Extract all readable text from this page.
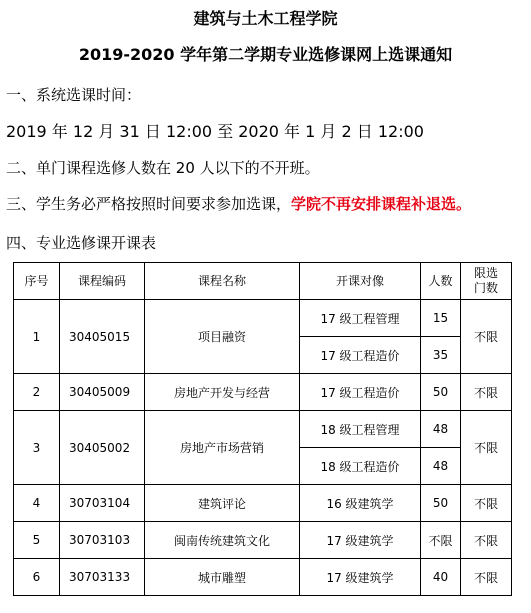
建筑与土木工程学院
2019-2020 学年第二学期专业选修课网上选课通知
一、系统选课时间：
2019 年 12 月 31 日 12:00 至 2020 年 1 月 2 日 12:00
二、单门课程选修人数在 20 人以下的不开班。
三、学生务必严格按照时间要求参加选课，学院不再安排课程补退选。
四、专业选修课开课表
序号	课程编码	课程名称	开课对像	人数	限选
门数
1	30405015	项目融资	17 级工程管理	15	不限
			17 级工程造价	35	
2	30405009	房地产开发与经营	17 级工程造价	50	不限
3	30405002	房地产市场营销	18 级工程管理	48	不限
			18 级工程造价	48	
4	30703104	建筑评论	16 级建筑学	50	不限
5	30703103	闽南传统建筑文化	17 级建筑学	不限	不限
6	30703133	城市雕塑	17 级建筑学	40	不限
